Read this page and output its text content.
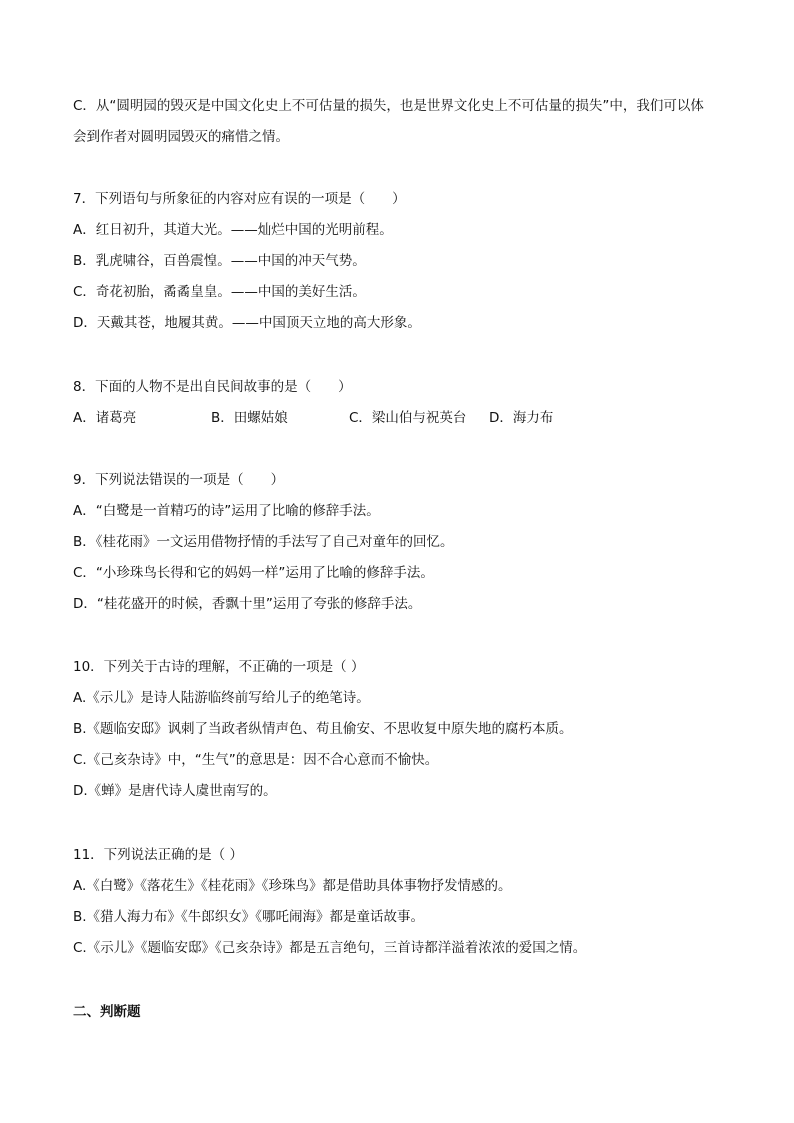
C．从“圆明园的毁灭是中国文化史上不可估量的损失，也是世界文化史上不可估量的损失”中，我们可以体
会到作者对圆明园毁灭的痛惜之情。
7．下列语句与所象征的内容对应有误的一项是（　　）
A．红日初升，其道大光。——灿烂中国的光明前程。
B．乳虎啸谷，百兽震惶。——中国的冲天气势。
C．奇花初胎，矞矞皇皇。——中国的美好生活。
D．天戴其苍，地履其黄。——中国顶天立地的高大形象。
8．下面的人物不是出自民间故事的是（　　）
A．诸葛亮	B．田螺姑娘	C．梁山伯与祝英台	D．海力布
9．下列说法错误的一项是（　　）
A．“白鹭是一首精巧的诗”运用了比喻的修辞手法。
B．《桂花雨》一文运用借物抒情的手法写了自己对童年的回忆。
C．“小珍珠鸟长得和它的妈妈一样”运用了比喻的修辞手法。
D．“桂花盛开的时候，香飘十里”运用了夸张的修辞手法。
10．下列关于古诗的理解，不正确的一项是（ ）
A.《示儿》是诗人陆游临终前写给儿子的绝笔诗。
B.《题临安邸》讽刺了当政者纵情声色、苟且偷安、不思收复中原失地的腐朽本质。
C.《己亥杂诗》中，“生气”的意思是：因不合心意而不愉快。
D.《蝉》是唐代诗人虞世南写的。
11．下列说法正确的是（ ）
A.《白鹭》《落花生》《桂花雨》《珍珠鸟》都是借助具体事物抒发情感的。
B.《猎人海力布》《牛郎织女》《哪吒闹海》都是童话故事。
C.《示儿》《题临安邸》《己亥杂诗》都是五言绝句，三首诗都洋溢着浓浓的爱国之情。
二、判断题
